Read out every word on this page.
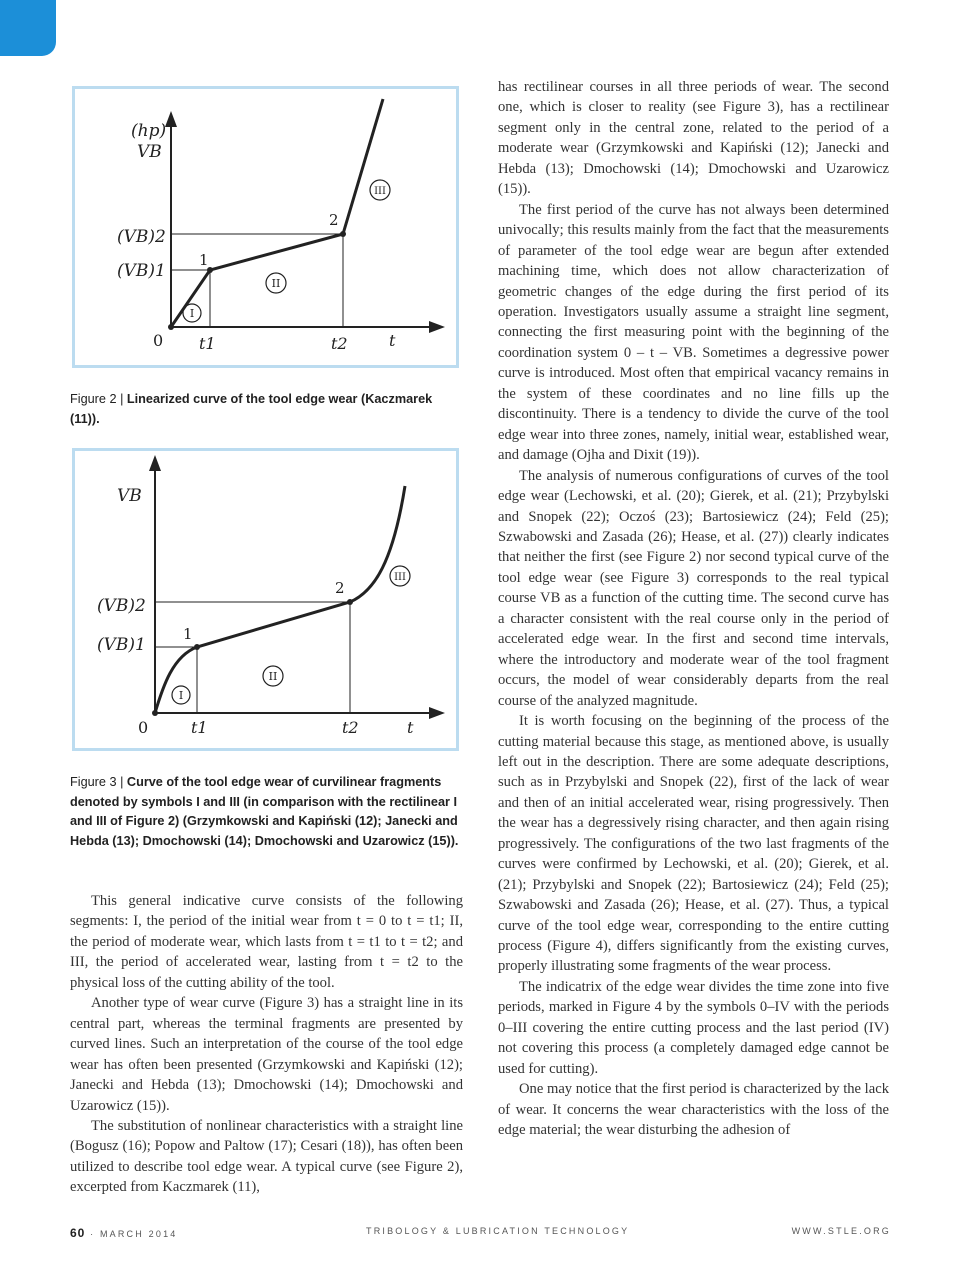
(hp)
VB
(VB)2
(VB)1
0 t1	t2	t
1
2
I
II
III
Figure 2 | Linearized curve of the tool edge wear (Kaczmarek (11)).
VB
(VB)2
(VB)1
0	t1	t2	t
1
2
I
II
III
Figure 3 | Curve of the tool edge wear of curvilinear fragments denoted by symbols I and III (in comparison with the rectilinear I and III of Figure 2) (Grzymkowski and Kapiński (12); Janecki and Hebda (13); Dmochowski (14); Dmochowski and Uzarowicz (15)).

This general indicative curve consists of the following segments: I, the period of the initial wear from t = 0 to t = t1; II, the period of moderate wear, which lasts from t = t1 to t = t2; and III, the period of accelerated wear, lasting from t = t2 to the physical loss of the cutting ability of the tool.

Another type of wear curve (Figure 3) has a straight line in its central part, whereas the terminal fragments are presented by curved lines. Such an interpretation of the course of the tool edge wear has often been presented (Grzymkowski and Kapiński (12); Janecki and Hebda (13); Dmochowski (14); Dmochowski and Uzarowicz (15)).

The substitution of nonlinear characteristics with a straight line (Bogusz (16); Popow and Paltow (17); Cesari (18)), has often been utilized to describe tool edge wear. A typical curve (see Figure 2), excerpted from Kaczmarek (11),

has rectilinear courses in all three periods of wear. The second one, which is closer to reality (see Figure 3), has a rectilinear segment only in the central zone, related to the period of a moderate wear (Grzymkowski and Kapiński (12); Janecki and Hebda (13); Dmochowski (14); Dmochowski and Uzarowicz (15)).

The first period of the curve has not always been determined univocally; this results mainly from the fact that the measurements of parameter of the tool edge wear are begun after extended machining time, which does not allow characterization of geometric changes of the edge during the first period of its operation. Investigators usually assume a straight line segment, connecting the first measuring point with the beginning of the coordination system 0 – t – VB. Sometimes a degressive power curve is introduced. Most often that empirical vacancy remains in the system of these coordinates and no line fills up the discontinuity. There is a tendency to divide the curve of the tool edge wear into three zones, namely, initial wear, established wear, and damage (Ojha and Dixit (19)).

The analysis of numerous configurations of curves of the tool edge wear (Lechowski, et al. (20); Gierek, et al. (21); Przybylski and Snopek (22); Oczoś (23); Bartosiewicz (24); Feld (25); Szwabowski and Zasada (26); Hease, et al. (27)) clearly indicates that neither the first (see Figure 2) nor second typical curve of the tool edge wear (see Figure 3) corresponds to the real typical course VB as a function of the cutting time. The second curve has a character consistent with the real course only in the period of accelerated edge wear. In the first and second time intervals, where the introductory and moderate wear of the tool fragment occurs, the model of wear considerably departs from the real course of the analyzed magnitude.

It is worth focusing on the beginning of the process of the cutting material because this stage, as mentioned above, is usually left out in the description. There are some adequate descriptions, such as in Przybylski and Snopek (22), first of the lack of wear and then of an initial accelerated wear, rising progressively. Then the wear has a degressively rising character, and then again rising progressively. The configurations of the two last fragments of the curves were confirmed by Lechowski, et al. (20); Gierek, et al. (21); Przybylski and Snopek (22); Bartosiewicz (24); Feld (25); Szwabowski and Zasada (26); Hease, et al. (27). Thus, a typical curve of the tool edge wear, corresponding to the entire cutting process (Figure 4), differs significantly from the existing curves, properly illustrating some fragments of the wear process.

The indicatrix of the edge wear divides the time zone into five periods, marked in Figure 4 by the symbols 0–IV with the periods 0–III covering the entire cutting process and the last period (IV) not covering this process (a completely damaged edge cannot be used for cutting).

One may notice that the first period is characterized by the lack of wear. It concerns the wear characteristics with the loss of the edge material; the wear disturbing the adhesion of

60 · MARCH 2014	TRIBOLOGY & LUBRICATION TECHNOLOGY	WWW.STLE.ORG
